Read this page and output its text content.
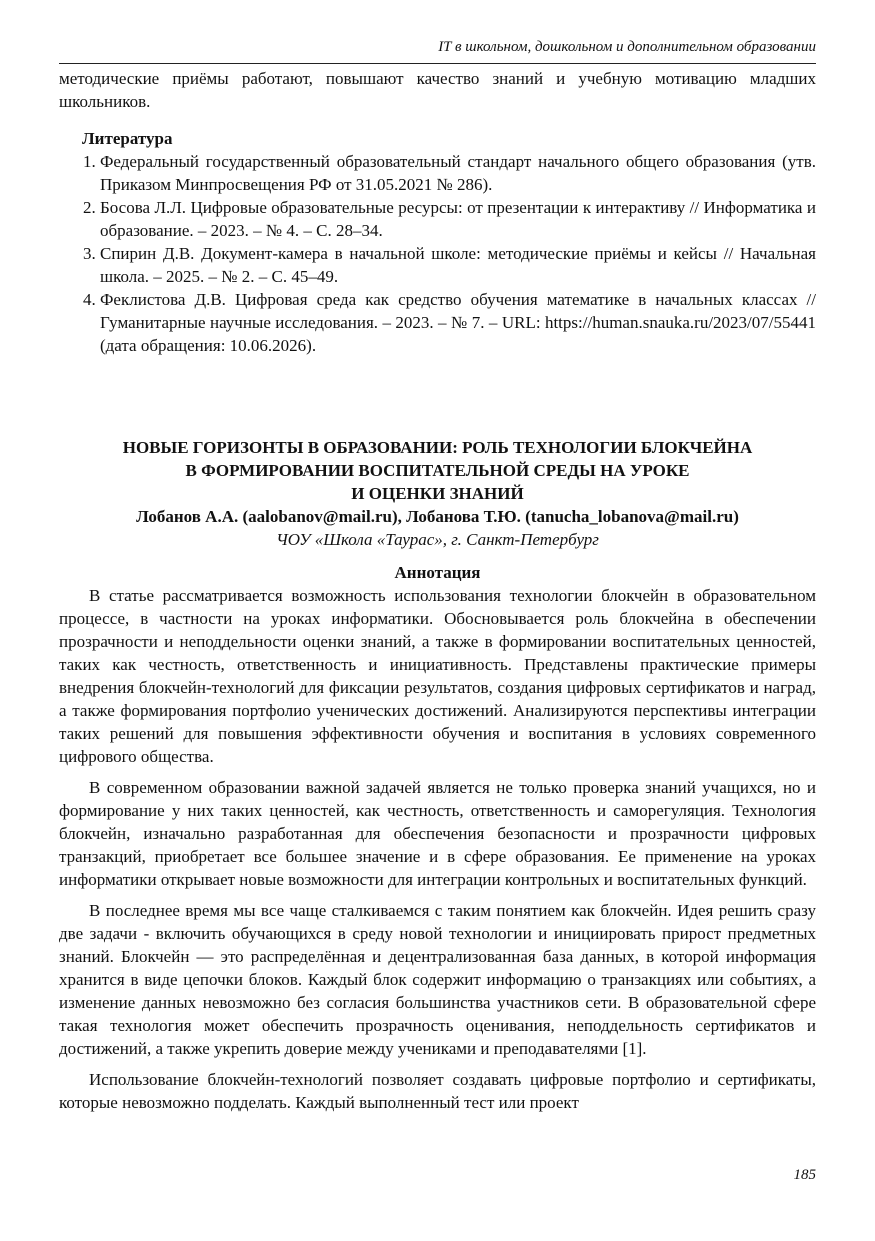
IT в школьном, дошкольном и дополнительном образовании

методические приёмы работают, повышают качество знаний и учебную мотивацию младших школьников.

Литература
1. Федеральный государственный образовательный стандарт начального общего образования (утв. Приказом Минпросвещения РФ от 31.05.2021 № 286).
2. Босова Л.Л. Цифровые образовательные ресурсы: от презентации к интерактиву // Информатика и образование. – 2023. – № 4. – С. 28–34.
3. Спирин Д.В. Документ-камера в начальной школе: методические приёмы и кейсы // Начальная школа. – 2025. – № 2. – С. 45–49.
4. Феклистова Д.В. Цифровая среда как средство обучения математике в начальных классах // Гуманитарные научные исследования. – 2023. – № 7. – URL: https://human.snauka.ru/2023/07/55441 (дата обращения: 10.06.2026).
НОВЫЕ ГОРИЗОНТЫ В ОБРАЗОВАНИИ: РОЛЬ ТЕХНОЛОГИИ БЛОКЧЕЙНА
В ФОРМИРОВАНИИ ВОСПИТАТЕЛЬНОЙ СРЕДЫ НА УРОКЕ
И ОЦЕНКИ ЗНАНИЙ
Лобанов А.А. (aalobanov@mail.ru), Лобанова Т.Ю. (tanucha_lobanova@mail.ru)
ЧОУ «Школа «Таурас», г. Санкт-Петербург
Аннотация

В статье рассматривается возможность использования технологии блокчейн в образовательном процессе, в частности на уроках информатики. Обосновывается роль блокчейна в обеспечении прозрачности и неподдельности оценки знаний, а также в формировании воспитательных ценностей, таких как честность, ответственность и инициативность. Представлены практические примеры внедрения блокчейн-технологий для фиксации результатов, создания цифровых сертификатов и наград, а также формирования портфолио ученических достижений. Анализируются перспективы интеграции таких решений для повышения эффективности обучения и воспитания в условиях современного цифрового общества.

В современном образовании важной задачей является не только проверка знаний учащихся, но и формирование у них таких ценностей, как честность, ответственность и саморегуляция. Технология блокчейн, изначально разработанная для обеспечения безопасности и прозрачности цифровых транзакций, приобретает все большее значение и в сфере образования. Ее применение на уроках информатики открывает новые возможности для интеграции контрольных и воспитательных функций.

В последнее время мы все чаще сталкиваемся с таким понятием как блокчейн. Идея решить сразу две задачи - включить обучающихся в среду новой технологии и инициировать прирост предметных знаний. Блокчейн — это распределённая и децентрализованная база данных, в которой информация хранится в виде цепочки блоков. Каждый блок содержит информацию о транзакциях или событиях, а изменение данных невозможно без согласия большинства участников сети. В образовательной сфере такая технология может обеспечить прозрачность оценивания, неподдельность сертификатов и достижений, а также укрепить доверие между учениками и преподавателями [1].

Использование блокчейн-технологий позволяет создавать цифровые портфолио и сертификаты, которые невозможно подделать. Каждый выполненный тест или проект

185
